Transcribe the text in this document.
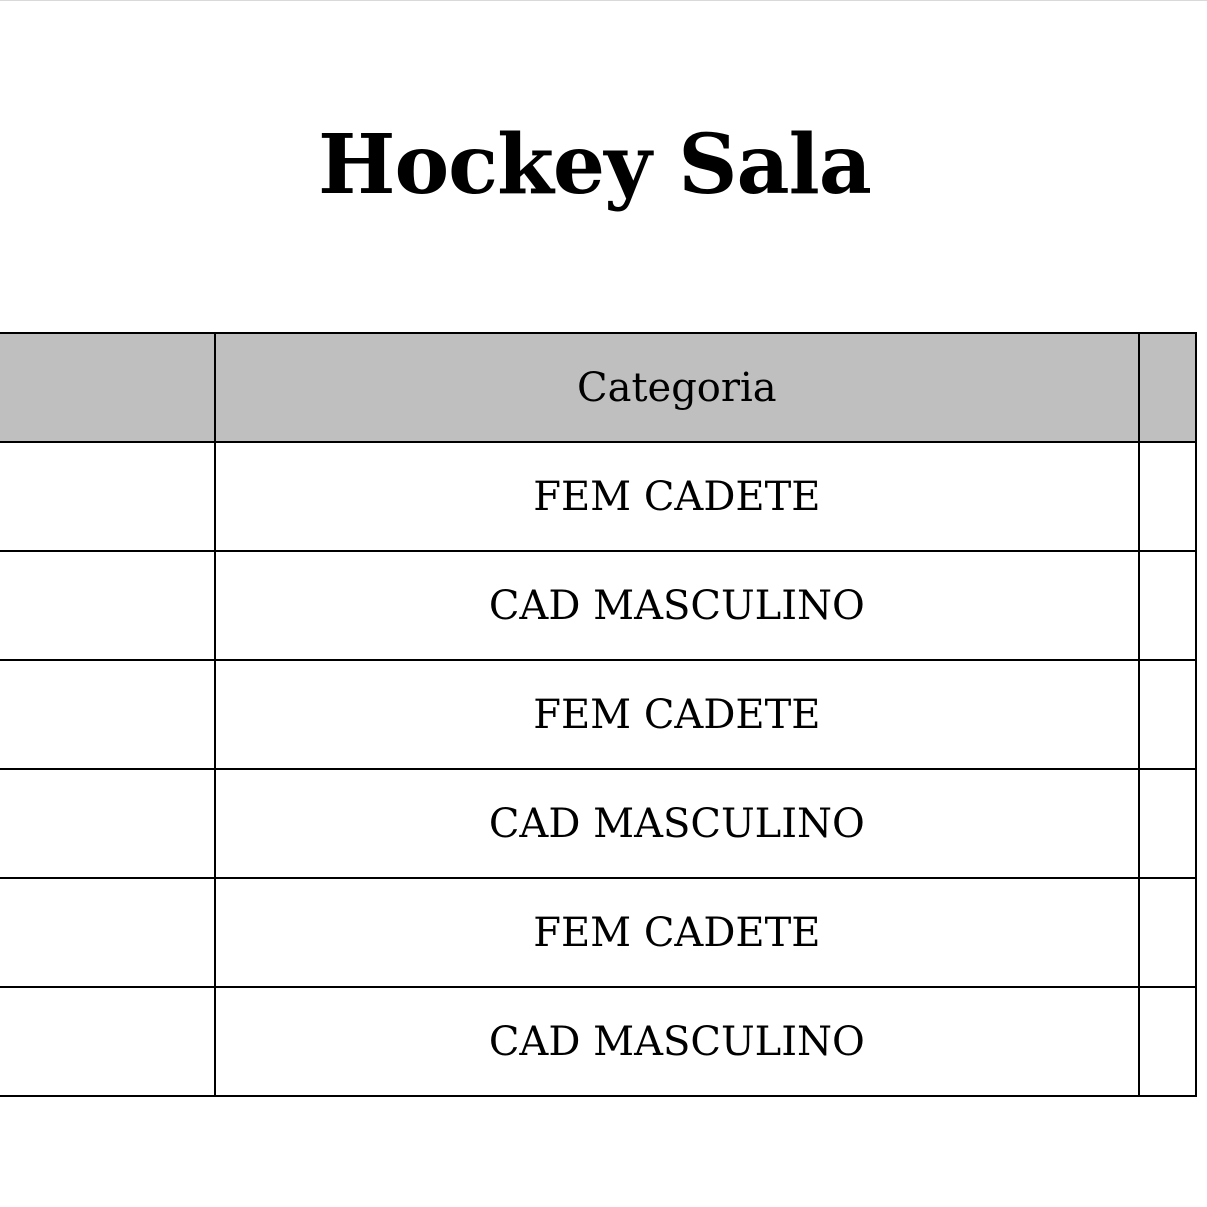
Hockey Sala
	Categoria	
	FEM CADETE	
	CAD MASCULINO	
	FEM CADETE	
	CAD MASCULINO	
	FEM CADETE	
	CAD MASCULINO	
